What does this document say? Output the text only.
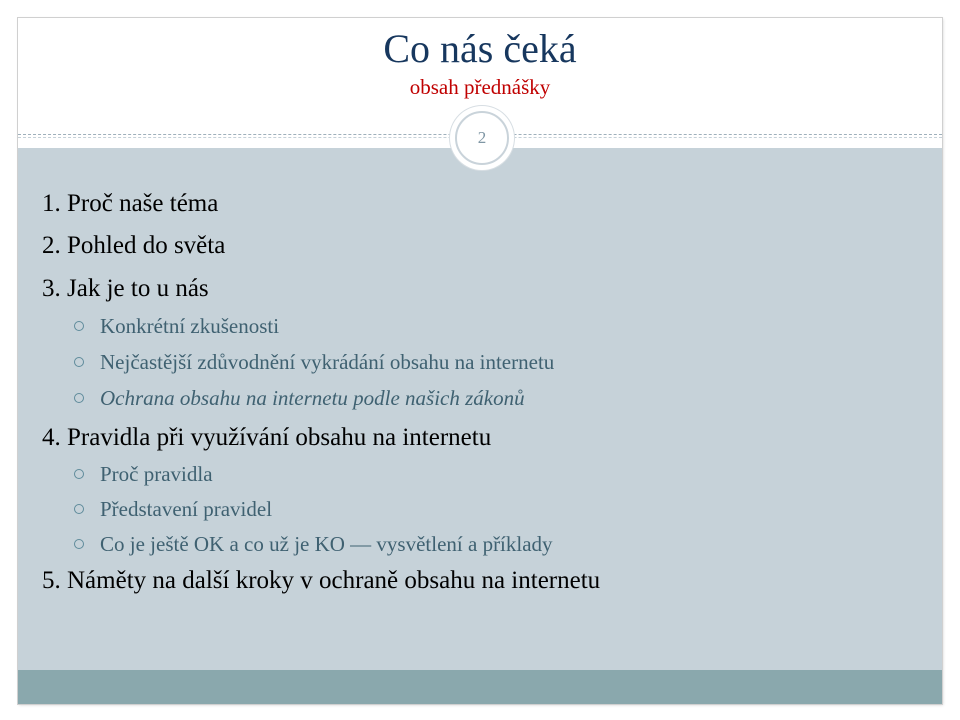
Co nás čeká
obsah přednášky
2
1. Proč naše téma
2. Pohled do světa
3. Jak je to u nás
Konkrétní zkušenosti
Nejčastější zdůvodnění vykrádání obsahu na internetu
Ochrana obsahu na internetu podle našich zákonů
4. Pravidla při využívání obsahu na internetu
Proč pravidla
Představení pravidel
Co je ještě OK a co už je KO — vysvětlení a příklady
5. Náměty na další kroky v ochraně obsahu na internetu
